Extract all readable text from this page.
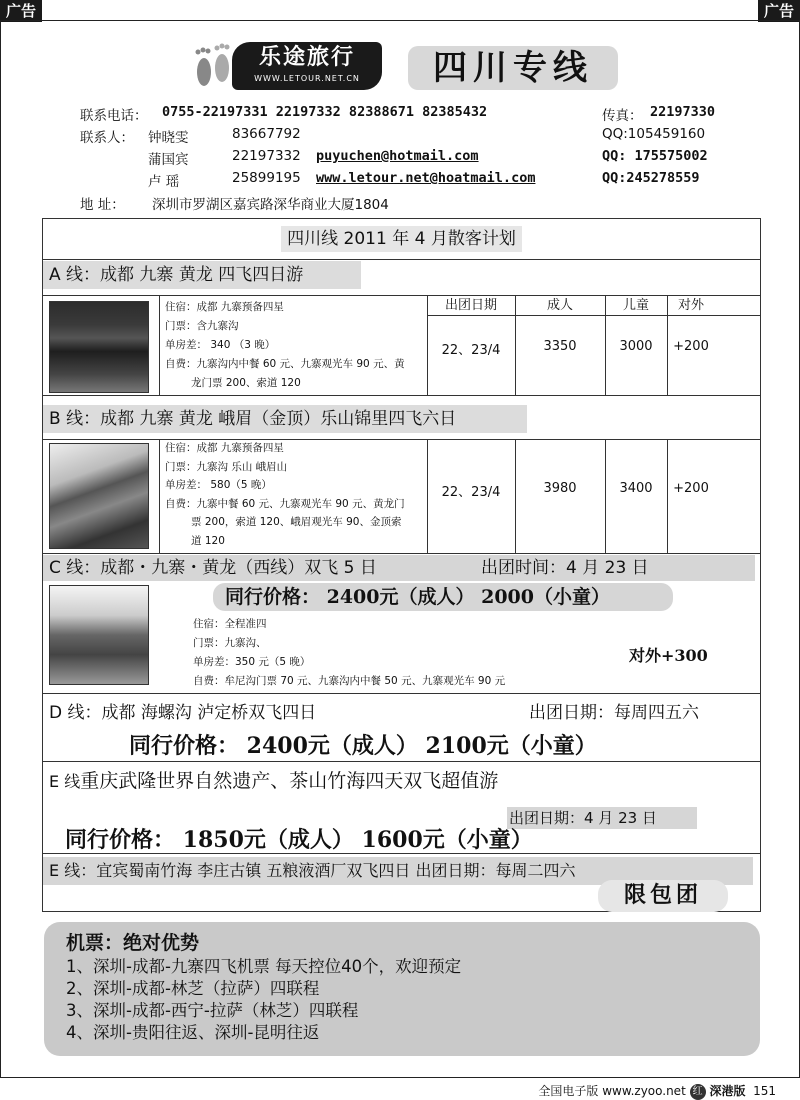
广告	广告
乐途旅行
WWW.LETOUR.NET.CN	四川专线
联系电话： 0755-22197331 22197332 82388671 82385432	传真： 22197330
联系人： 钟晓雯	83667792	QQ:105459160
蒲国宾	22197332 puyuchen@hotmail.com	QQ: 175575002
卢 瑶	25899195 www.letour.net@hoatmail.com	QQ:245278559
地 址： 深圳市罗湖区嘉宾路深华商业大厦1804
四川线 2011 年 4 月散客计划
A 线：成都 九寨 黄龙 四飞四日游
住宿：成都 九寨预备四星
门票：含九寨沟
单房差： 340 （3 晚）
自费：九寨沟内中餐 60 元、九寨观光车 90 元、黄
龙门票 200、索道 120
出团日期	成人	儿童	对外
22、23/4	3350	3000	+200
B 线：成都 九寨 黄龙 峨眉（金顶）乐山锦里四飞六日
住宿：成都 九寨预备四星
门票：九寨沟 乐山 峨眉山
单房差： 580（5 晚）
自费：九寨中餐 60 元、九寨观光车 90 元、黄龙门
票 200，索道 120、峨眉观光车 90、金顶索
道 120
22、23/4	3980	3400	+200
C 线：成都・九寨・黄龙（西线）双飞 5 日	出团时间：4 月 23 日
同行价格： 2400元（成人） 2000（小童）
住宿：全程准四
门票：九寨沟、
单房差：350 元（5 晚）
自费：牟尼沟门票 70 元、九寨沟内中餐 50 元、九寨观光车 90 元
对外+300
D 线：成都 海螺沟 泸定桥双飞四日	出团日期：每周四五六
同行价格： 2400元（成人） 2100元（小童）
E 线重庆武隆世界自然遗产、茶山竹海四天双飞超值游
出团日期：4 月 23 日
同行价格： 1850元（成人） 1600元（小童）
E 线：宜宾蜀南竹海 李庄古镇 五粮液酒厂双飞四日 出团日期：每周二四六
限包团
机票：绝对优势
1、深圳-成都-九寨四飞机票 每天控位40个，欢迎预定
2、深圳-成都-林芝（拉萨）四联程
3、深圳-成都-西宁-拉萨（林芝）四联程
4、深圳-贵阳往返、深圳-昆明往返
全国电子版 www.zyoo.net 红 深港版 151
